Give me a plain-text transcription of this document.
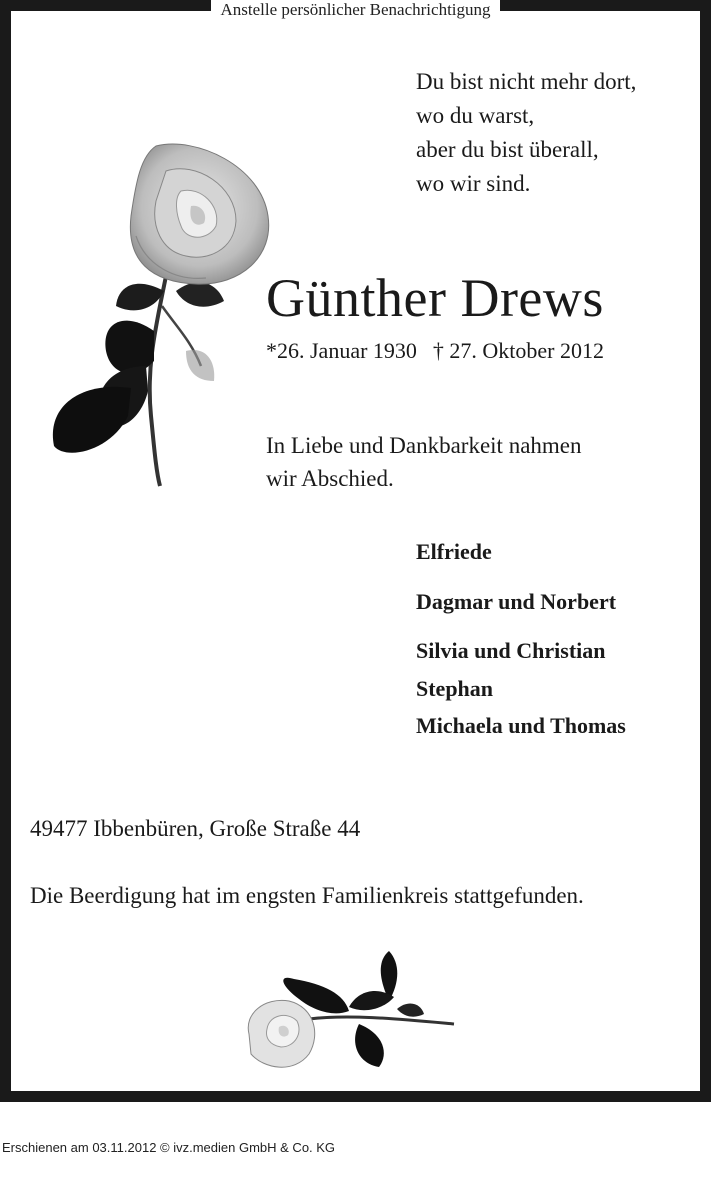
Anstelle persönlicher Benachrichtigung
Du bist nicht mehr dort,
wo du warst,
aber du bist überall,
wo wir sind.
Günther Drews
*26. Januar 1930 † 27. Oktober 2012
In Liebe und Dankbarkeit nahmen
wir Abschied.
Elfriede
Dagmar und Norbert
Silvia und Christian
Stephan
Michaela und Thomas
49477 Ibbenbüren, Große Straße 44
Die Beerdigung hat im engsten Familienkreis stattgefunden.
Erschienen am 03.11.2012 © ivz.medien GmbH & Co. KG
